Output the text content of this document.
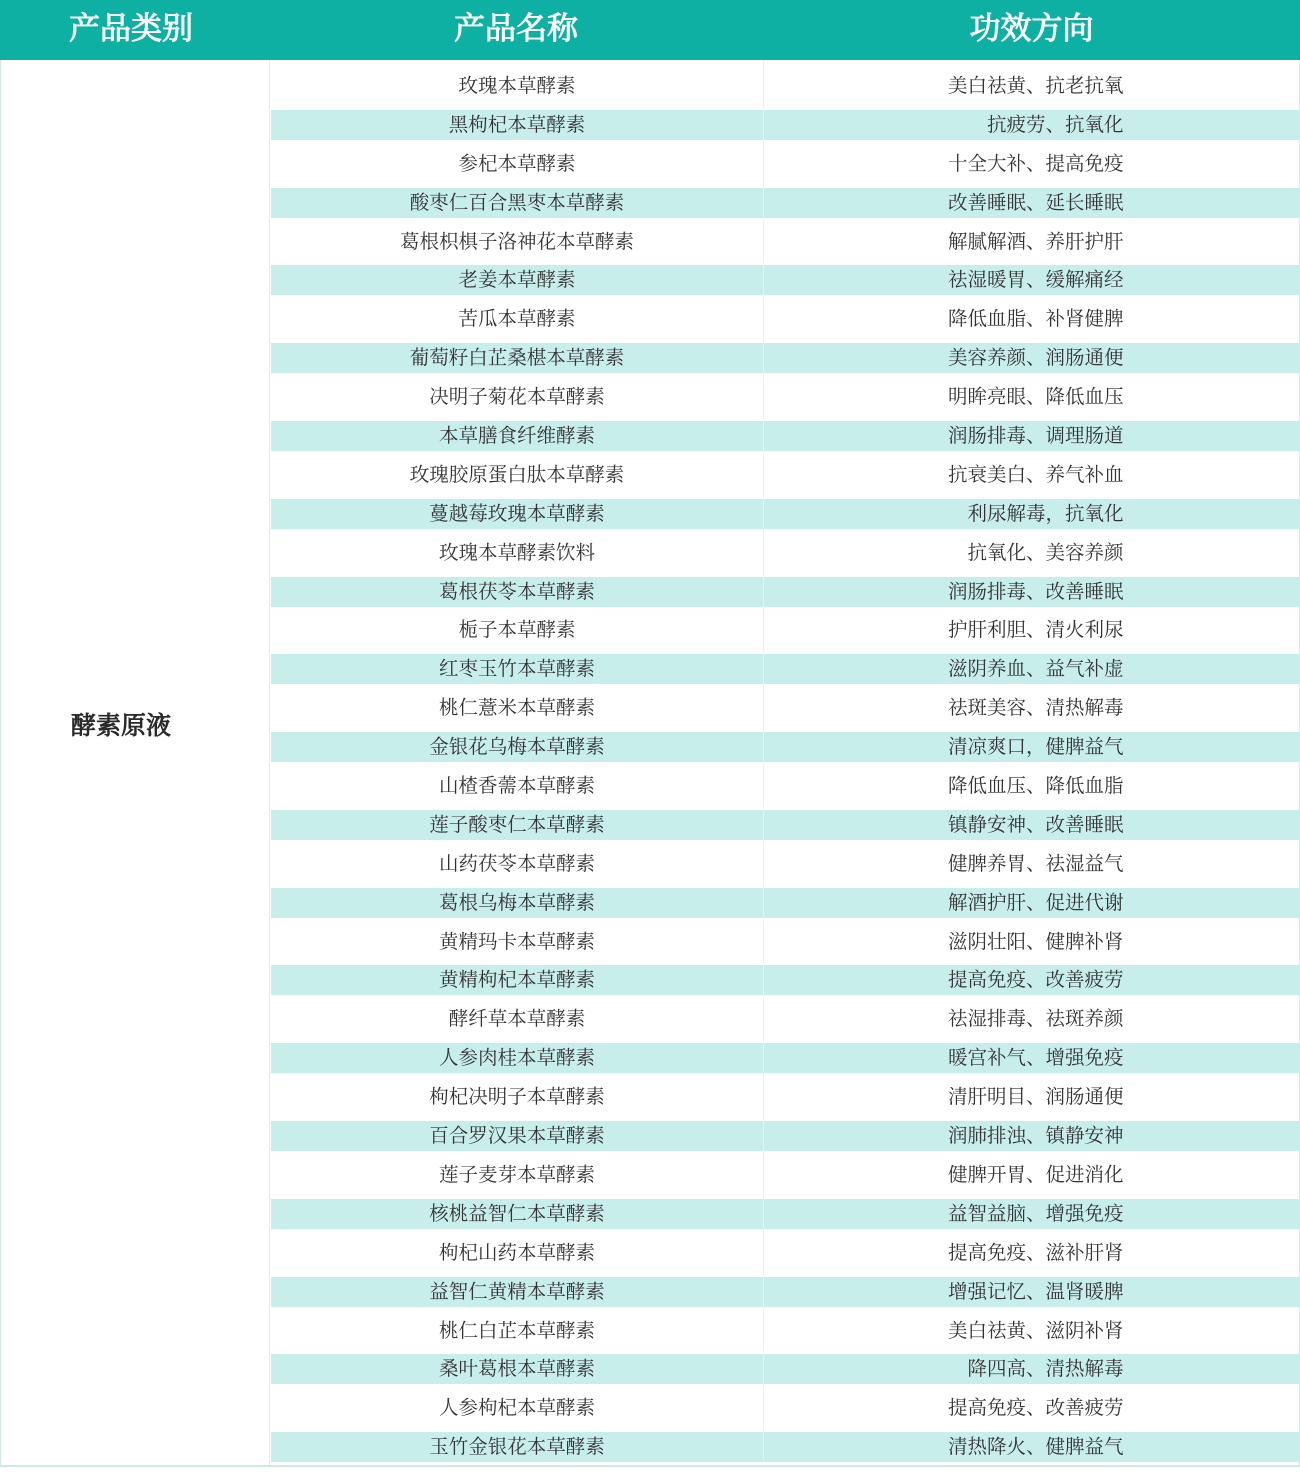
产品类别	产品名称	功效方向
酵素原液
玫瑰本草酵素	美白祛黄、抗老抗氧
黑枸杞本草酵素	抗疲劳、抗氧化
参杞本草酵素	十全大补、提高免疫
酸枣仁百合黑枣本草酵素	改善睡眠、延长睡眠
葛根枳椇子洛神花本草酵素	解腻解酒、养肝护肝
老姜本草酵素	祛湿暖胃、缓解痛经
苦瓜本草酵素	降低血脂、补肾健脾
葡萄籽白芷桑椹本草酵素	美容养颜、润肠通便
决明子菊花本草酵素	明眸亮眼、降低血压
本草膳食纤维酵素	润肠排毒、调理肠道
玫瑰胶原蛋白肽本草酵素	抗衰美白、养气补血
蔓越莓玫瑰本草酵素	利尿解毒，抗氧化
玫瑰本草酵素饮料	抗氧化、美容养颜
葛根茯苓本草酵素	润肠排毒、改善睡眠
栀子本草酵素	护肝利胆、清火利尿
红枣玉竹本草酵素	滋阴养血、益气补虚
桃仁薏米本草酵素	祛斑美容、清热解毒
金银花乌梅本草酵素	清凉爽口，健脾益气
山楂香薷本草酵素	降低血压、降低血脂
莲子酸枣仁本草酵素	镇静安神、改善睡眠
山药茯苓本草酵素	健脾养胃、祛湿益气
葛根乌梅本草酵素	解酒护肝、促进代谢
黄精玛卡本草酵素	滋阴壮阳、健脾补肾
黄精枸杞本草酵素	提高免疫、改善疲劳
酵纤草本草酵素	祛湿排毒、祛斑养颜
人参肉桂本草酵素	暖宫补气、增强免疫
枸杞决明子本草酵素	清肝明目、润肠通便
百合罗汉果本草酵素	润肺排浊、镇静安神
莲子麦芽本草酵素	健脾开胃、促进消化
核桃益智仁本草酵素	益智益脑、增强免疫
枸杞山药本草酵素	提高免疫、滋补肝肾
益智仁黄精本草酵素	增强记忆、温肾暖脾
桃仁白芷本草酵素	美白祛黄、滋阴补肾
桑叶葛根本草酵素	降四高、清热解毒
人参枸杞本草酵素	提高免疫、改善疲劳
玉竹金银花本草酵素	清热降火、健脾益气
